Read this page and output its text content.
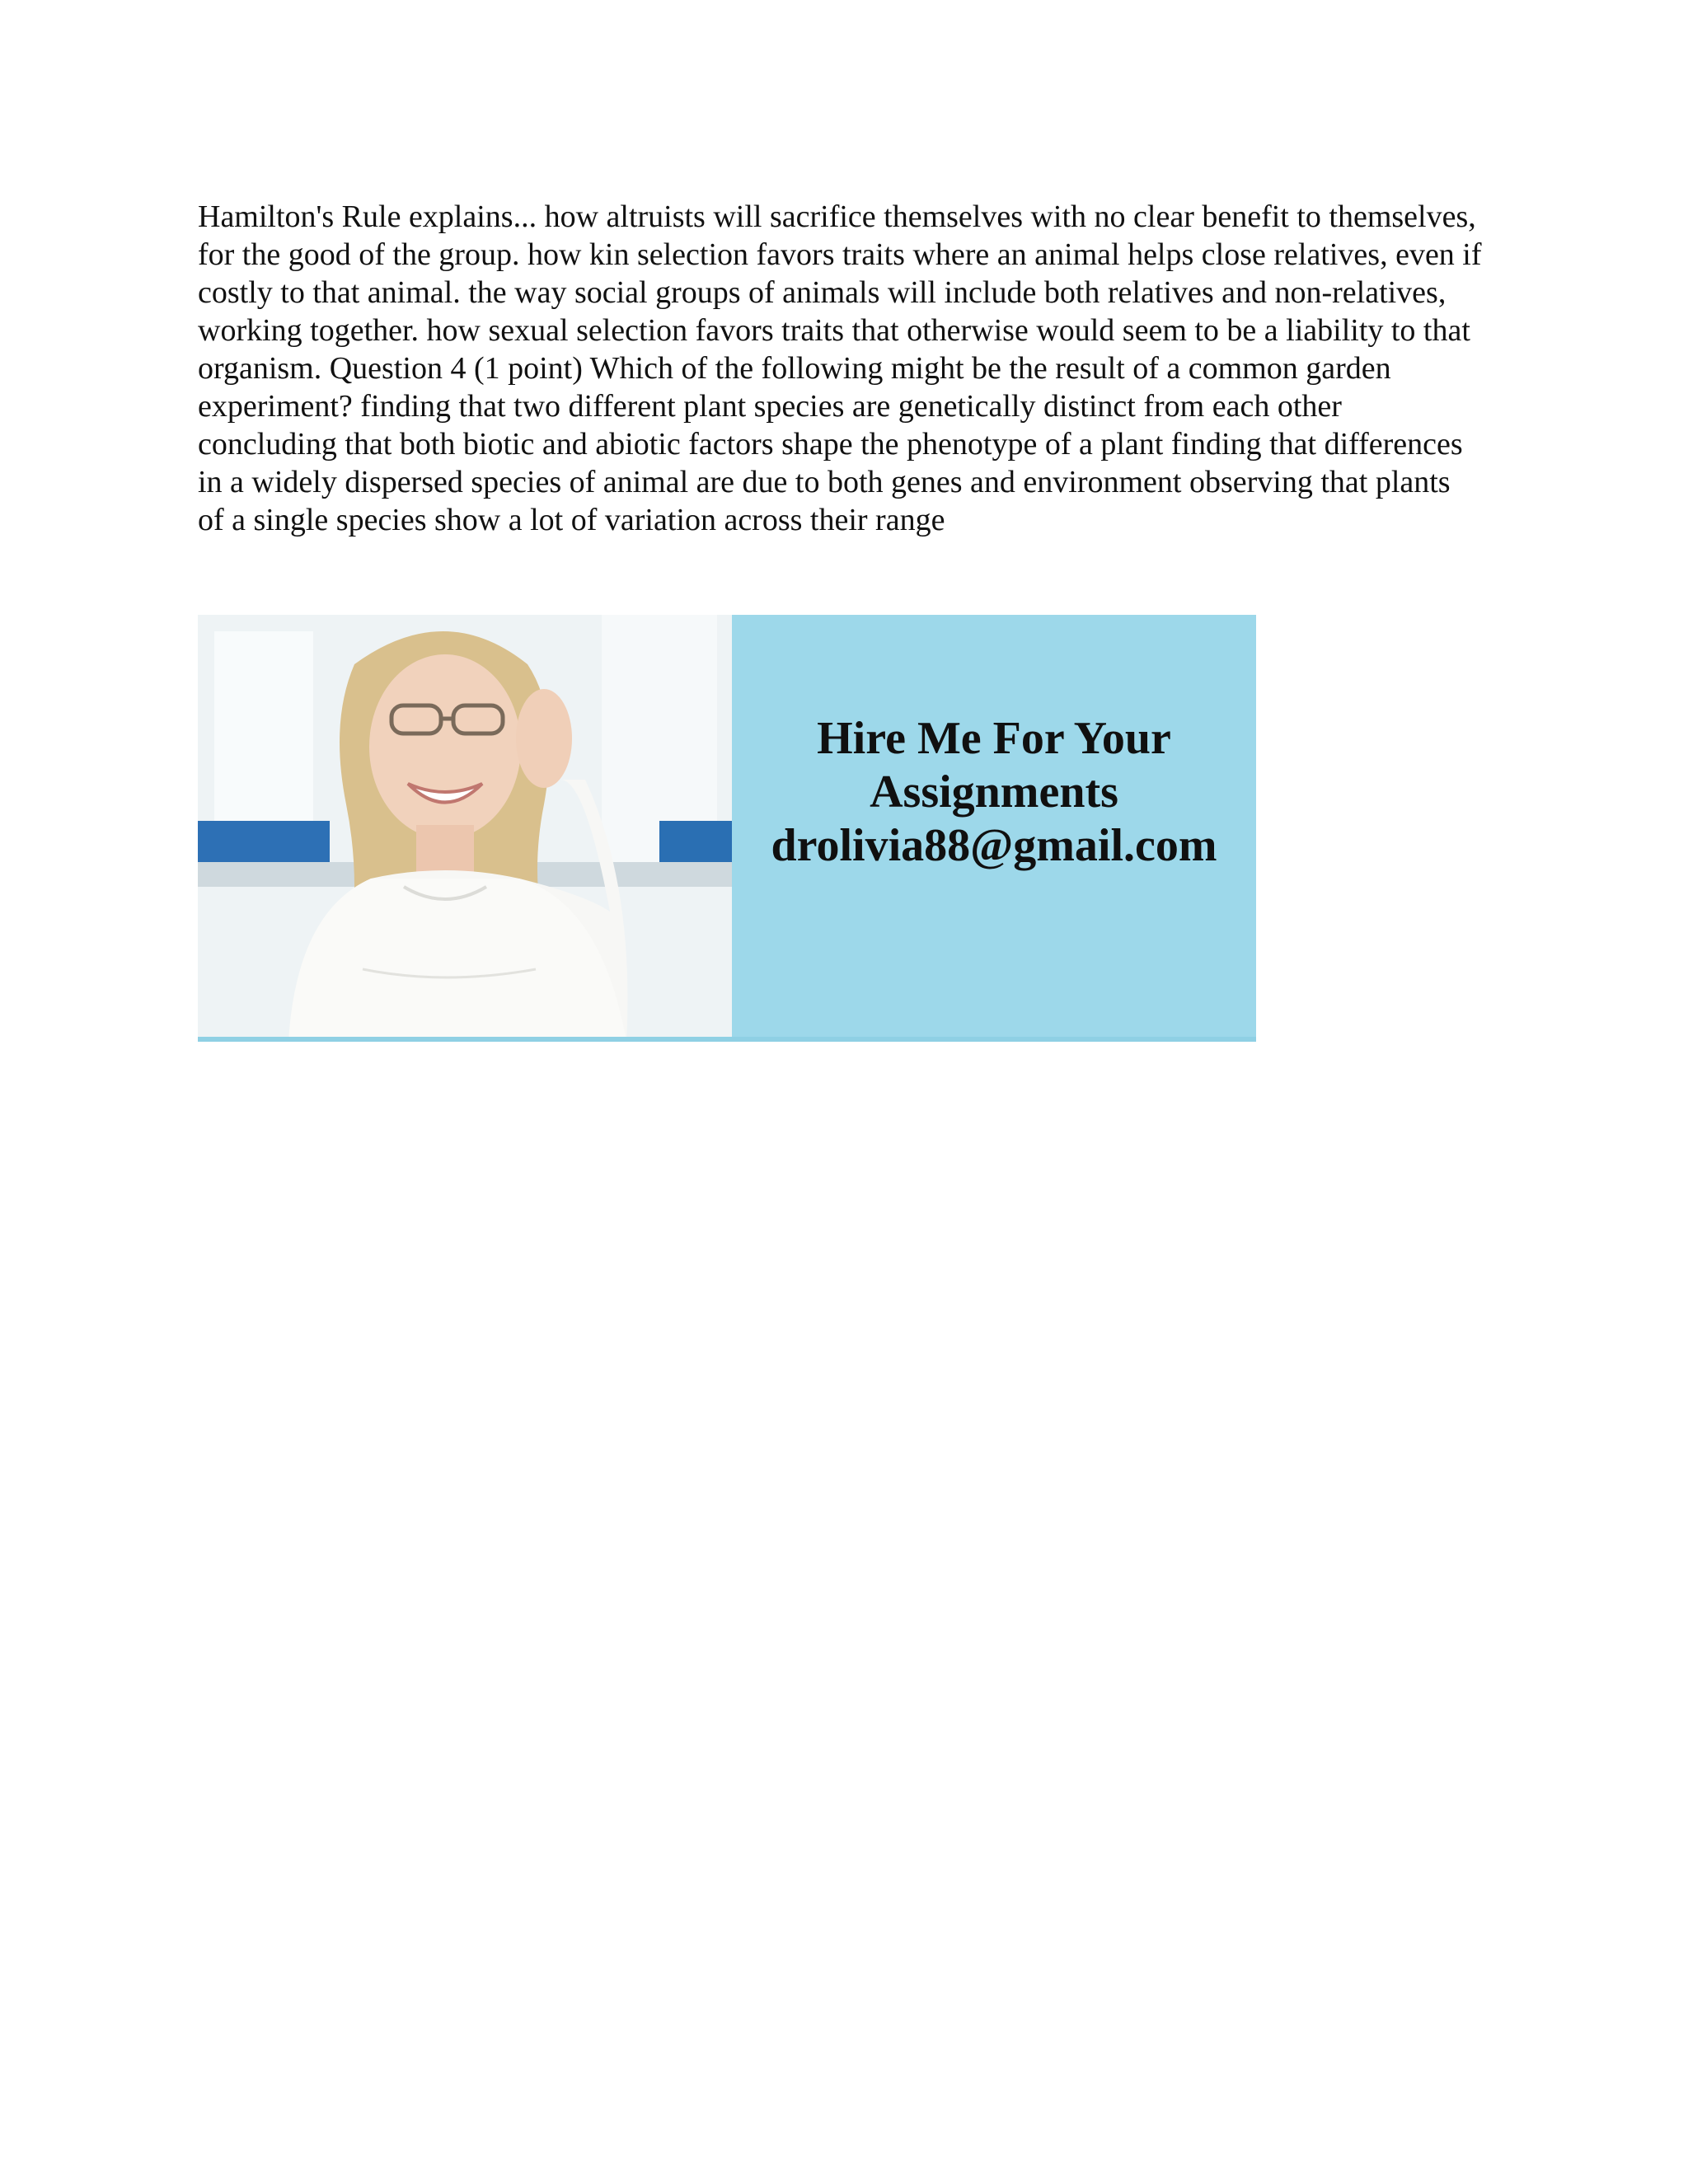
Hamilton's Rule explains... how altruists will sacrifice themselves with no clear benefit to themselves, for the good of the group. how kin selection favors traits where an animal helps close relatives, even if costly to that animal. the way social groups of animals will include both relatives and non-relatives, working together. how sexual selection favors traits that otherwise would seem to be a liability to that organism. Question 4 (1 point) Which of the following might be the result of a common garden experiment? finding that two different plant species are genetically distinct from each other concluding that both biotic and abiotic factors shape the phenotype of a plant finding that differences in a widely dispersed species of animal are due to both genes and environment observing that plants of a single species show a lot of variation across their range

Hire Me For Your
Assignments
drolivia88@gmail.com
